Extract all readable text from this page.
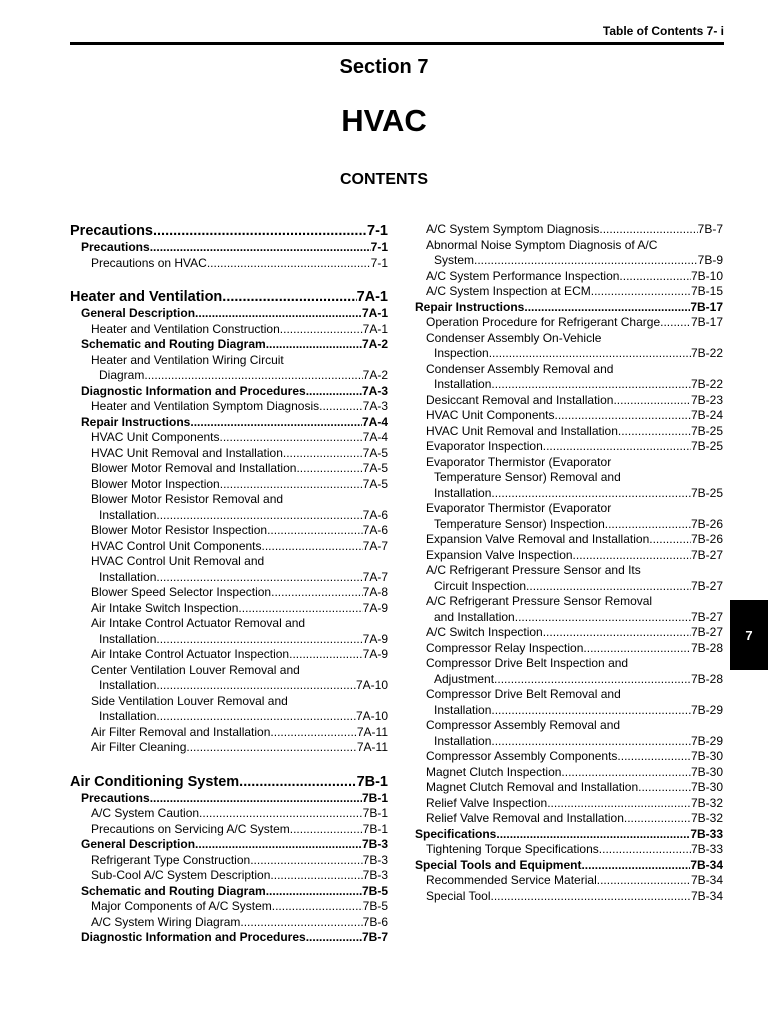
Table of Contents 7- i
Section 7
HVAC
CONTENTS
Precautions .....	7-1
Precautions .....	7-1
Precautions on HVAC .....	7-1
Heater and Ventilation .....	7A-1
General Description .....	7A-1
Heater and Ventilation Construction .....	7A-1
Schematic and Routing Diagram .....	7A-2
Heater and Ventilation Wiring Circuit
Diagram .....	7A-2
Diagnostic Information and Procedures .....	7A-3
Heater and Ventilation Symptom Diagnosis .....	7A-3
Repair Instructions .....	7A-4
HVAC Unit Components .....	7A-4
HVAC Unit Removal and Installation .....	7A-5
Blower Motor Removal and Installation .....	7A-5
Blower Motor Inspection .....	7A-5
Blower Motor Resistor Removal and
Installation .....	7A-6
Blower Motor Resistor Inspection .....	7A-6
HVAC Control Unit Components .....	7A-7
HVAC Control Unit Removal and
Installation .....	7A-7
Blower Speed Selector Inspection .....	7A-8
Air Intake Switch Inspection .....	7A-9
Air Intake Control Actuator Removal and
Installation .....	7A-9
Air Intake Control Actuator Inspection .....	7A-9
Center Ventilation Louver Removal and
Installation .....	7A-10
Side Ventilation Louver Removal and
Installation .....	7A-10
Air Filter Removal and Installation .....	7A-11
Air Filter Cleaning .....	7A-11
Air Conditioning System .....	7B-1
Precautions .....	7B-1
A/C System Caution .....	7B-1
Precautions on Servicing A/C System .....	7B-1
General Description .....	7B-3
Refrigerant Type Construction .....	7B-3
Sub-Cool A/C System Description .....	7B-3
Schematic and Routing Diagram .....	7B-5
Major Components of A/C System .....	7B-5
A/C System Wiring Diagram .....	7B-6
Diagnostic Information and Procedures .....	7B-7
A/C System Symptom Diagnosis .....	7B-7
Abnormal Noise Symptom Diagnosis of A/C
System .....	7B-9
A/C System Performance Inspection .....	7B-10
A/C System Inspection at ECM .....	7B-15
Repair Instructions .....	7B-17
Operation Procedure for Refrigerant Charge .....	7B-17
Condenser Assembly On-Vehicle
Inspection .....	7B-22
Condenser Assembly Removal and
Installation .....	7B-22
Desiccant Removal and Installation .....	7B-23
HVAC Unit Components .....	7B-24
HVAC Unit Removal and Installation .....	7B-25
Evaporator Inspection .....	7B-25
Evaporator Thermistor (Evaporator
Temperature Sensor) Removal and
Installation .....	7B-25
Evaporator Thermistor (Evaporator
Temperature Sensor) Inspection .....	7B-26
Expansion Valve Removal and Installation .....	7B-26
Expansion Valve Inspection .....	7B-27
A/C Refrigerant Pressure Sensor and Its
Circuit Inspection .....	7B-27
A/C Refrigerant Pressure Sensor Removal
and Installation .....	7B-27
A/C Switch Inspection .....	7B-27
Compressor Relay Inspection .....	7B-28
Compressor Drive Belt Inspection and
Adjustment .....	7B-28
Compressor Drive Belt Removal and
Installation .....	7B-29
Compressor Assembly Removal and
Installation .....	7B-29
Compressor Assembly Components .....	7B-30
Magnet Clutch Inspection .....	7B-30
Magnet Clutch Removal and Installation .....	7B-30
Relief Valve Inspection .....	7B-32
Relief Valve Removal and Installation .....	7B-32
Specifications .....	7B-33
Tightening Torque Specifications .....	7B-33
Special Tools and Equipment .....	7B-34
Recommended Service Material .....	7B-34
Special Tool .....	7B-34
7
